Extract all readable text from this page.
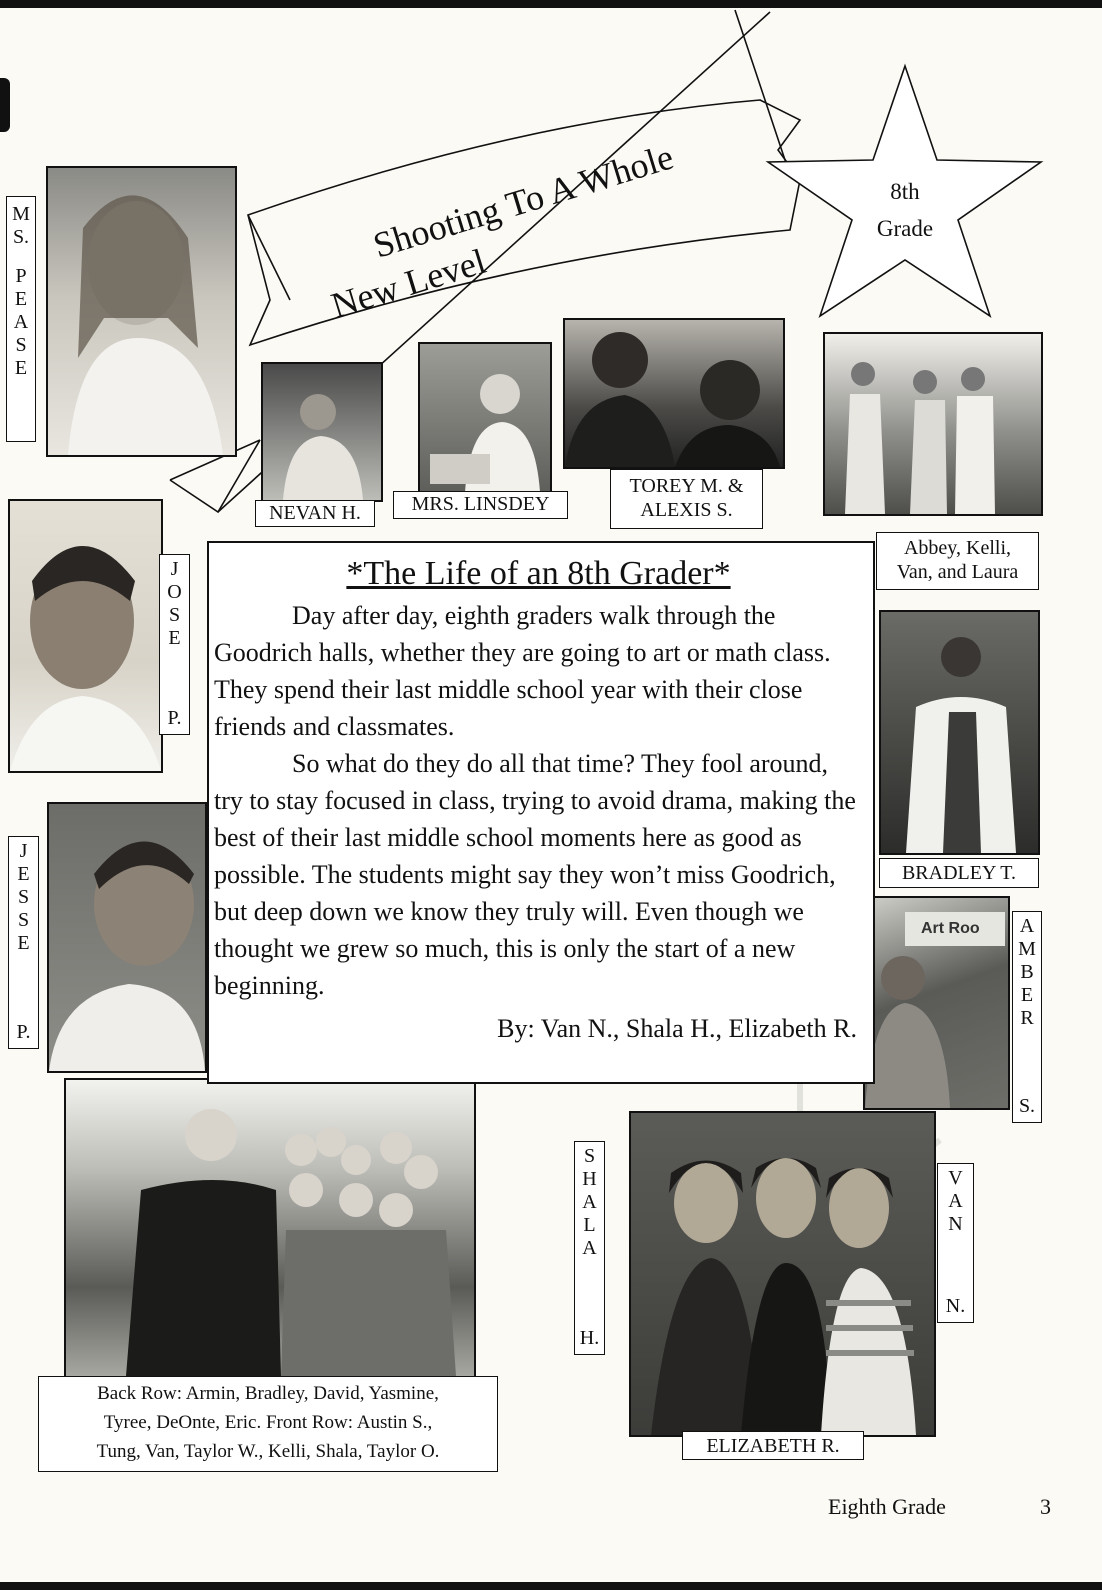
Shooting To A Whole
New Level
8th
Grade
Art Roo
M
S.
P
E
A
S
E
NEVAN H.	MRS. LINSDEY
TOREY M. &
ALEXIS S.
Abbey, Kelli,
Van, and Laura
J
O
S
E
P.
J
E
S
S
E
P.
BRADLEY T.
A
M
B
E
R
S.
S
H
A
L
A
H.
V
A
N
N.
ELIZABETH R.
*The Life of an 8th Grader*

Day after day, eighth graders walk through the Goodrich halls, whether they are going to art or math class. They spend their last middle school year with their close friends and classmates.

So what do they do all that time? They fool around, try to stay focused in class, trying to avoid drama, making the best of their last middle school moments here as good as possible. The students might say they won’t miss Goodrich, but deep down we know they truly will. Even though we thought we grew so much, this is only the start of a new beginning.

By: Van N., Shala H., Elizabeth R.

Back Row: Armin, Bradley, David, Yasmine,
Tyree, DeOnte, Eric. Front Row: Austin S.,
Tung, Van, Taylor W., Kelli, Shala, Taylor O.
Eighth Grade	3
